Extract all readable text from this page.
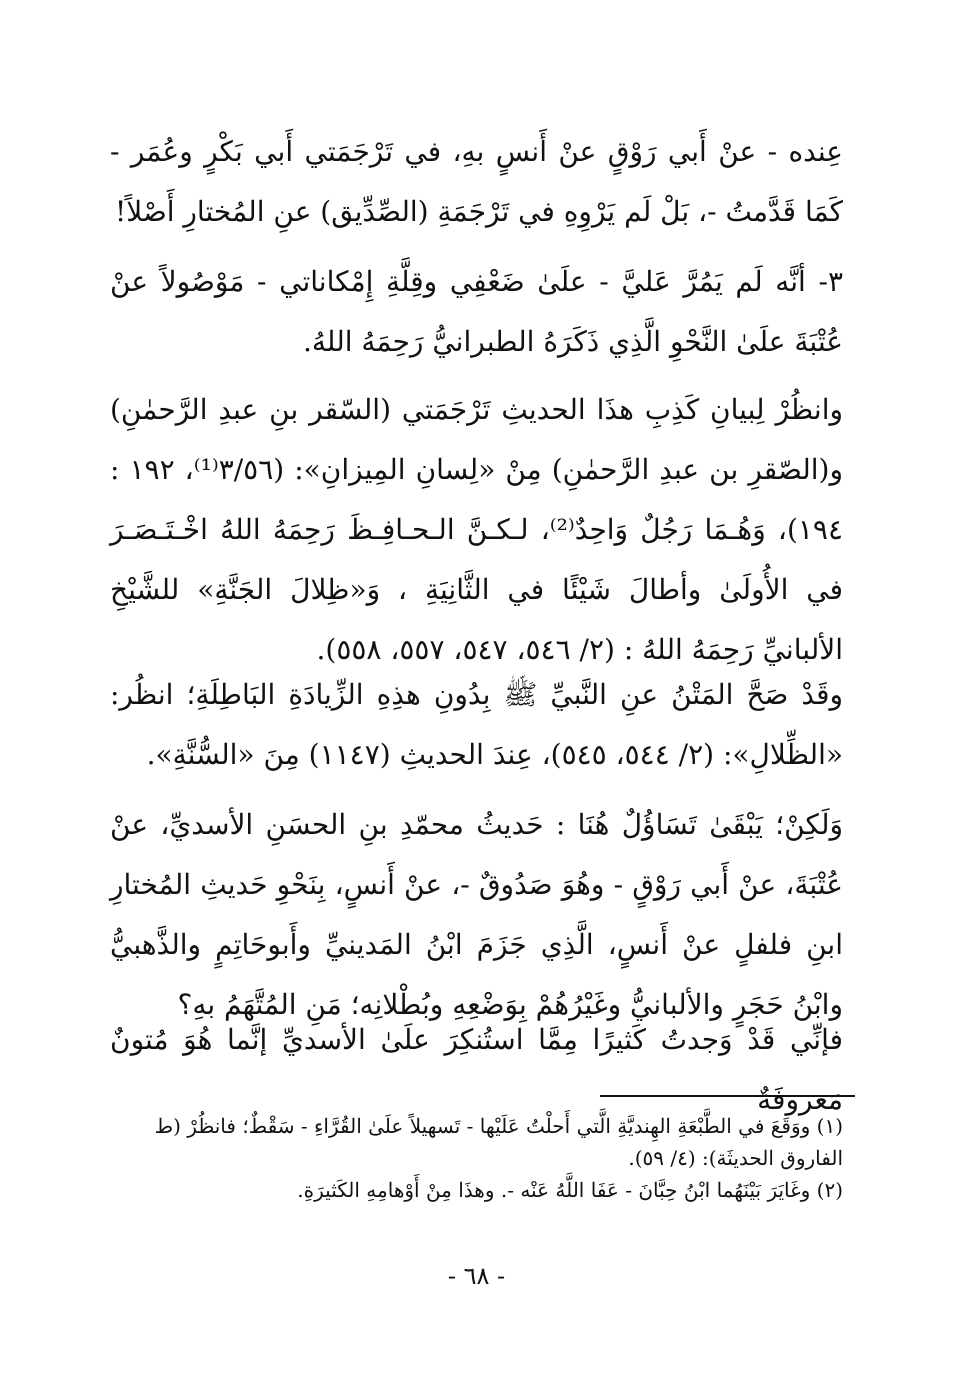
عِنده - عنْ أَبي رَوْقٍ عنْ أَنسٍ بهِ، في تَرْجَمَتي أَبي بَكْرٍ وعُمَر - كَمَا قَدَّمتُ -، بَلْ لَم يَرْوِهِ في تَرْجَمَةِ (الصِّدِّيق) عنِ المُختارِ أَصْلاً!

٣- أنَّه لَم يَمُرَّ عَليَّ - علَىٰ ضَعْفِي وقِلَّةِ إِمْكاناتي - مَوْصُولاً عنْ عُتْبَةَ علَىٰ النَّحْوِ الَّذِي ذَكَرَهُ الطبرانيُّ رَحِمَهُ اللهُ.

وانظُرْ لِبيانِ كَذِبِ هذَا الحديثِ تَرْجَمَتي (السّقر بنِ عبدِ الرَّحمٰنِ) و(الصّقرِ بن عبدِ الرَّحمٰنِ) مِنْ «لِسانِ المِيزانِ»: (٣/٥٦⁽¹⁾، ١٩٢ : ١٩٤)، وَهُـمَا رَجُلٌ وَاحِدٌ⁽²⁾، لـكـنَّ الـحـافِـظَ رَحِمَهُ اللهُ اخْـتَـصَـرَ في الأُولَىٰ وأطالَ شَيْئًا في الثَّانِيَةِ ، وَ«ظِلالَ الجَنَّةِ» للشَّيْخِ الألبانيِّ رَحِمَهُ اللهُ : (٢/ ٥٤٦، ٥٤٧، ٥٥٧، ٥٥٨).

وقَدْ صَحَّ المَتْنُ عنِ النَّبيِّ ﷺ بِدُونِ هذِهِ الزِّيادَةِ البَاطِلَةِ؛ انظُر: «الظِّلالِ»: (٢/ ٥٤٤، ٥٤٥)، عِندَ الحديثِ (١١٤٧) مِنَ «السُّنَّةِ».

وَلَكِنْ؛ يَبْقَىٰ تَسَاؤُلٌ هُنَا : حَديثُ محمّدِ بنِ الحسَنِ الأسديِّ، عنْ عُتْبَةَ، عنْ أَبي رَوْقٍ - وهُوَ صَدُوقٌ -، عنْ أَنسٍ، بِنَحْوِ حَديثِ المُختارِ ابنِ فلفلٍ عنْ أَنسٍ، الَّذِي جَزَمَ ابْنُ المَدينيِّ وأَبوحَاتِمٍ والذَّهبيُّ وابْنُ حَجَرٍ والألبانيُّ وغَيْرُهُمْ بِوَضْعِهِ وبُطْلانِه؛ مَنِ المُتَّهَمُ بهِ؟

فإنِّي قَدْ وَجدتُ كَثيرًا مِمَّا استُنكِرَ علَىٰ الأسديِّ إنَّما هُوَ مُتونٌ مَعروفَةٌ

(١) ووَقَعَ في الطَّبْعَةِ الهِنديَّةِ الَّتي أَحلْتُ عَلَيْها - تَسهيلاً علَىٰ القُرَّاءِ - سَقْطٌ؛ فانظُرْ (ط الفاروق الحديثَة): (٤/ ٥٩).

(٢) وغَايَرَ بَيْنَهُما ابْنُ حِبَّانَ - عَفَا اللَّهُ عَنْه -. وهذَا مِنْ أَوْهامِهِ الكَثيرَةِ.

- ٦٨ -
